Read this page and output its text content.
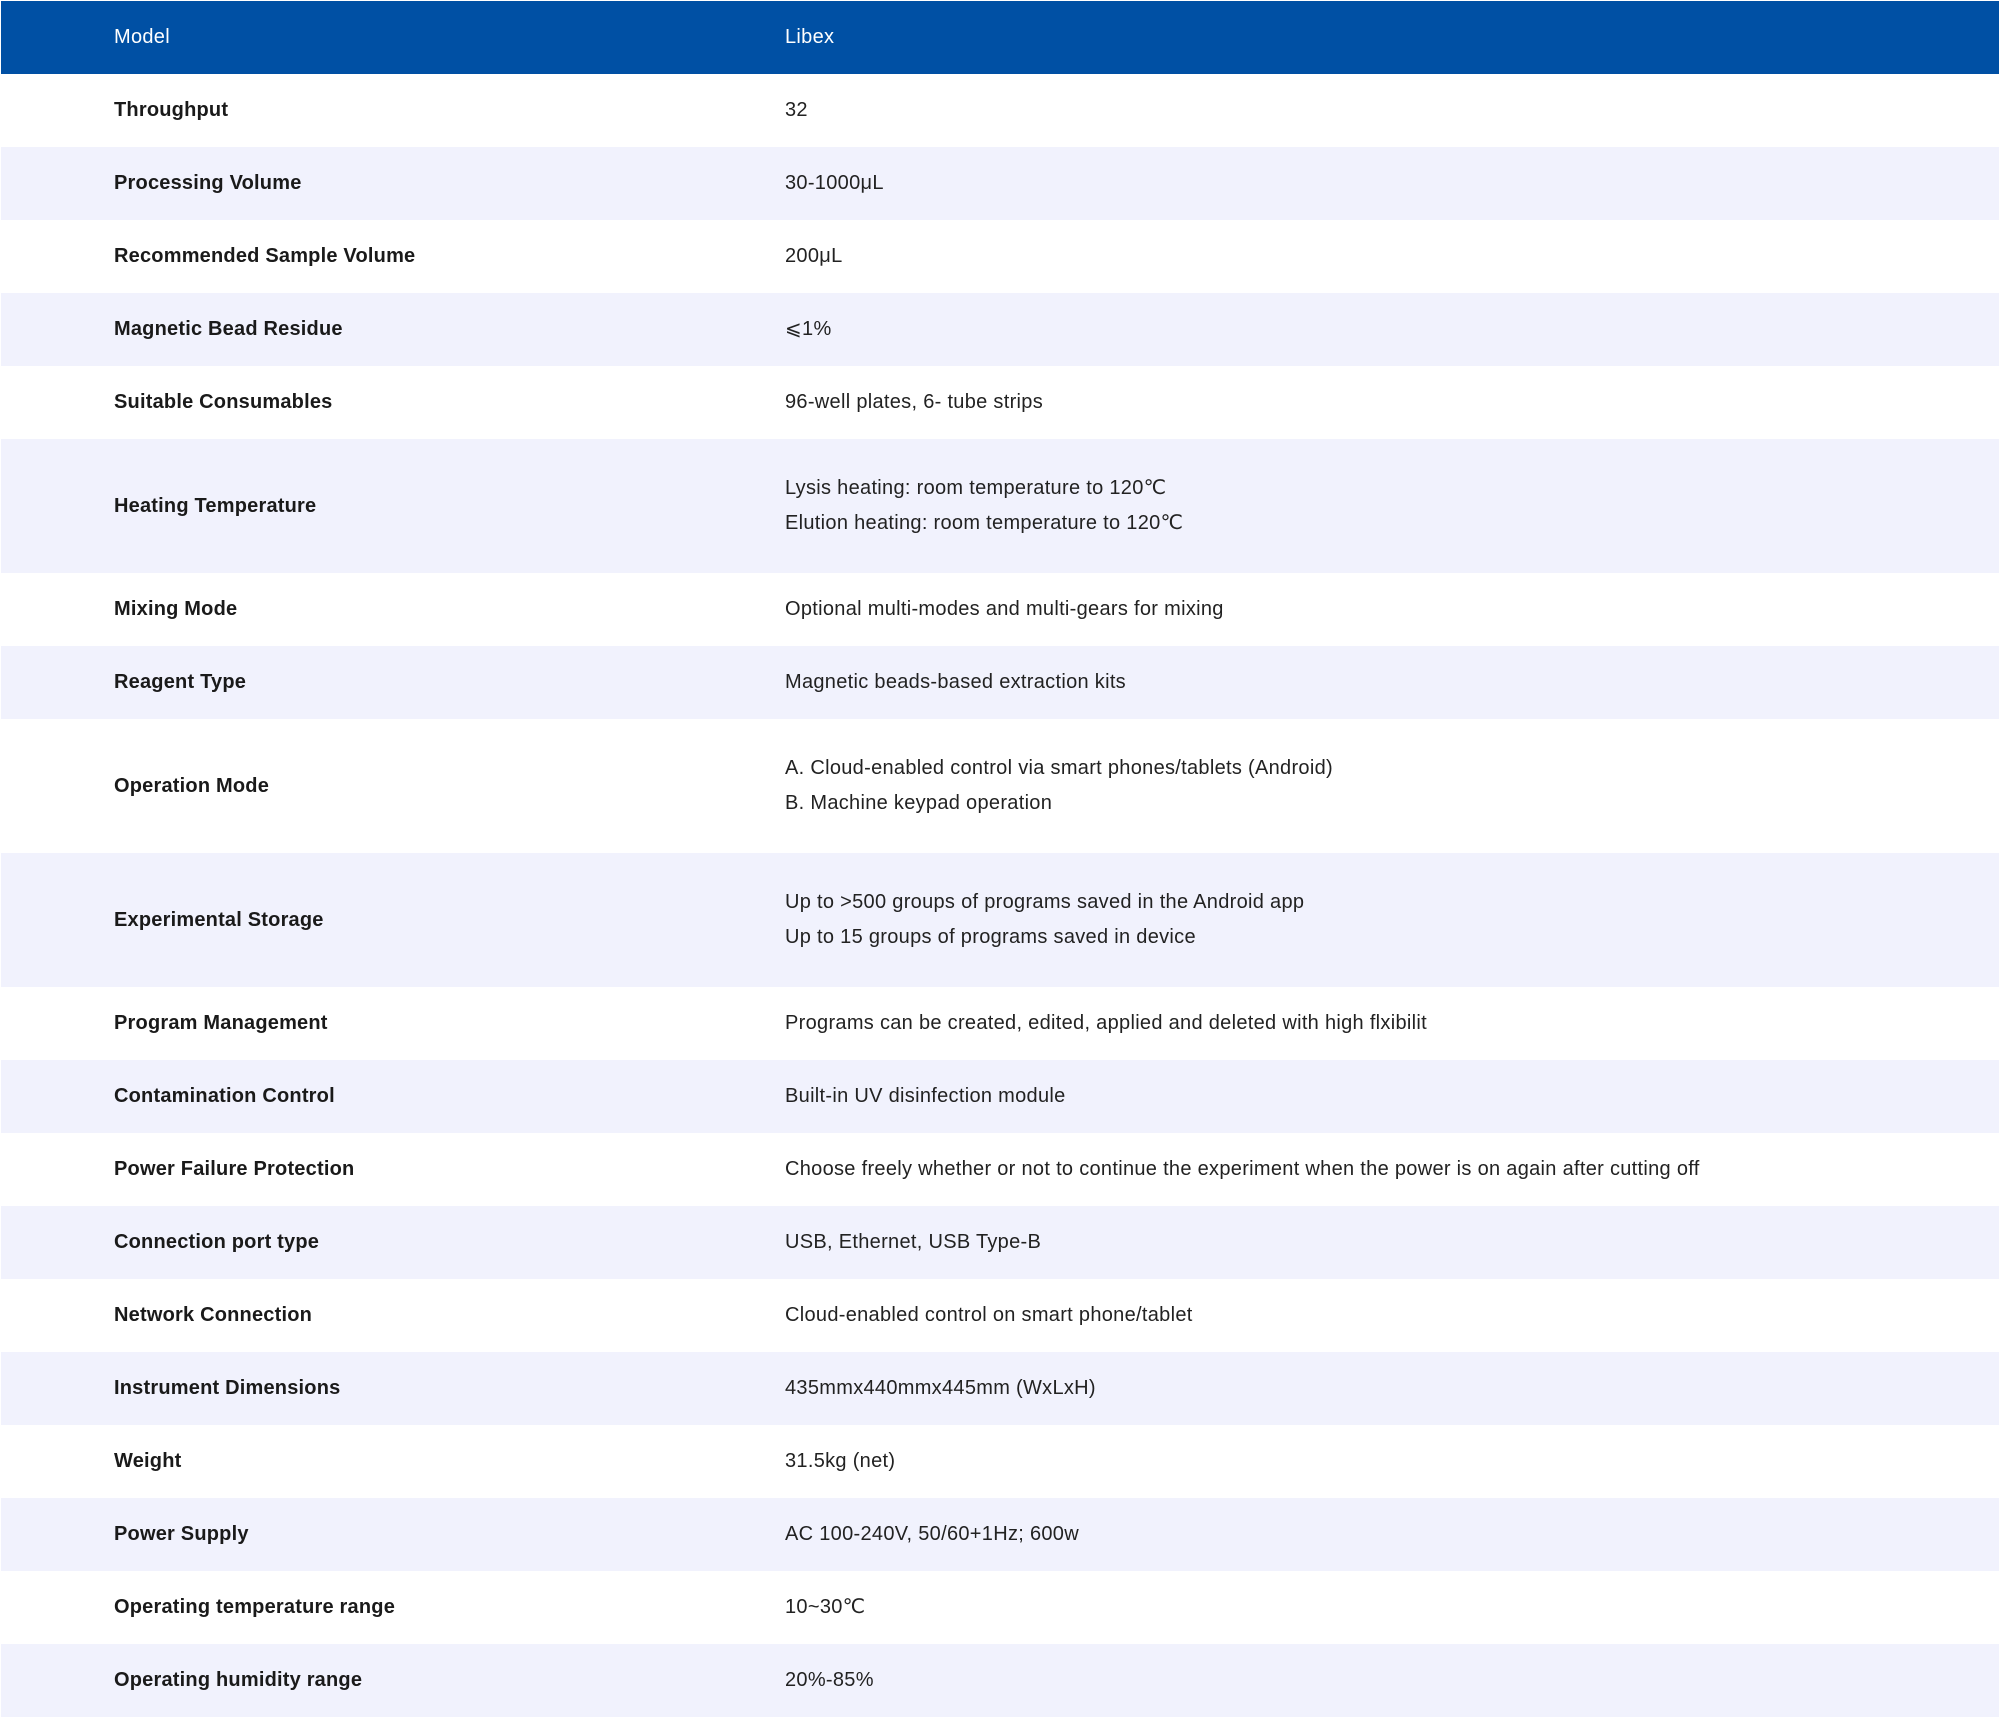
Model	Libex
Throughput	32

Processing Volume	30-1000μL

Recommended Sample Volume	200μL

Magnetic Bead Residue	⩽1%

Suitable Consumables	96-well plates, 6- tube strips

Heating Temperature	Lysis heating: room temperature to 120℃
Elution heating: room temperature to 120℃

Mixing Mode	Optional multi-modes and multi-gears for mixing

Reagent Type	Magnetic beads-based extraction kits

Operation Mode	A. Cloud-enabled control via smart phones/tablets (Android)
B. Machine keypad operation

Experimental Storage	Up to >500 groups of programs saved in the Android app
Up to 15 groups of programs saved in device

Program Management	Programs can be created, edited, applied and deleted with high flxibilit

Contamination Control	Built-in UV disinfection module

Power Failure Protection	Choose freely whether or not to continue the experiment when the power is on again after cutting off

Connection port type	USB, Ethernet, USB Type-B

Network Connection	Cloud-enabled control on smart phone/tablet

Instrument Dimensions	435mmx440mmx445mm (WxLxH)

Weight	31.5kg (net)

Power Supply	AC 100-240V, 50/60+1Hz; 600w

Operating temperature range	10~30℃

Operating humidity range	20%-85%
